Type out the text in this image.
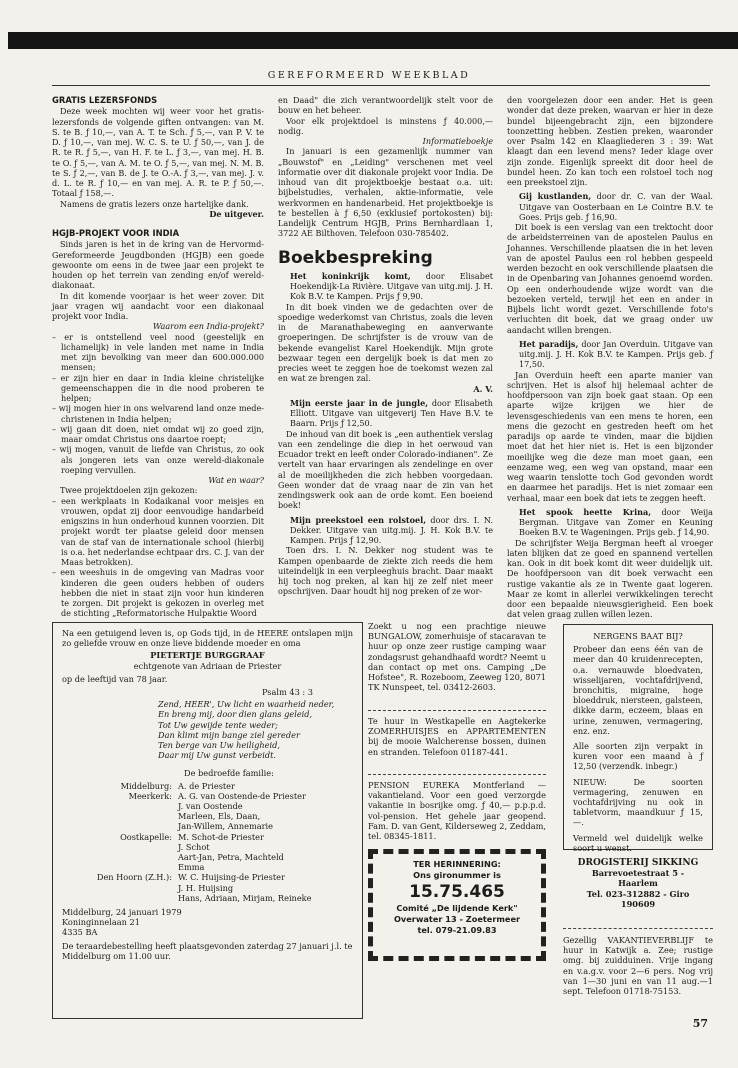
GEREFORMEERD WEEKBLAD
GRATIS LEZERSFONDS

Deze week mochten wij weer voor het gratis-lezersfonds de volgende giften ontvangen: van M. S. te B. ƒ 10,—, van A. T. te Sch. ƒ 5,—, van P. V. te D. ƒ 10,—, van mej. W. C. S. te U. ƒ 50,—, van J. de R. te R. ƒ 5,—, van H. F. te L. ƒ 3,—, van mej. H. B. te O. ƒ 5,—, van A. M. te O. ƒ 5,—, van mej. N. M. B. te S. ƒ 2,—, van B. de J. te O.-A. ƒ 3,—, van mej. J. v. d. L. te R. ƒ 10,— en van mej. A. R. te P. ƒ 50,—. Totaal ƒ 158,—.

Namens de gratis lezers onze hartelijke dank.

De uitgever.

HGJB-PROJEKT VOOR INDIA

Sinds jaren is het in de kring van de Hervormd-Gereformeerde Jeugdbonden (HGJB) een goede gewoonte om eens in de twee jaar een projekt te houden op het terrein van zending en/of wereld-diakonaat.

In dit komende voorjaar is het weer zover. Dit jaar vragen wij aandacht voor een diakonaal projekt voor India.

Waarom een India-projekt?

– er is ontstellend veel nood (geestelijk en lichamelijk) in vele landen met name in India met zijn bevolking van meer dan 600.000.000 mensen;
– er zijn hier en daar in India kleine christelijke gemeenschappen die in die nood proberen te helpen;
– wij mogen hier in ons welvarend land onze mede-christenen in India helpen;
– wij gaan dit doen, niet omdat wij zo goed zijn, maar omdat Christus ons daartoe roept;
– wij mogen, vanuit de liefde van Christus, zo ook als jongeren iets van onze wereld-diakonale roeping vervullen.

Wat en waar?

Twee projektdoelen zijn gekozen:

– een werkplaats in Kodaikanal voor meisjes en vrouwen, opdat zij door eenvoudige handarbeid enigszins in hun onderhoud kunnen voorzien. Dit projekt wordt ter plaatse geleid door mensen van de staf van de internationale school (hierbij is o.a. het nederlandse echtpaar drs. C. J. van der Maas betrokken).
– een weeshuis in de omgeving van Madras voor kinderen die geen ouders hebben of ouders hebben die niet in staat zijn voor hun kinderen te zorgen. Dit projekt is gekozen in overleg met de stichting „Reformatorische Hulpaktie Woord

en Daad" die zich verantwoordelijk stelt voor de bouw en het beheer.

Voor elk projektdoel is minstens ƒ 40.000,— nodig.

Informatieboekje

In januari is een gezamenlijk nummer van „Bouwstof" en „Leiding" verschenen met veel informatie over dit diakonale projekt voor India. De inhoud van dit projektboekje bestaat o.a. uit: bijbelstudies, verhalen, aktie-informatie, vele werkvormen en handenarbeid. Het projektboekje is te bestellen à ƒ 6,50 (exklusief portokosten) bij: Landelijk Centrum HGJB, Prins Bernhardlaan 1, 3722 AE Bilthoven. Telefoon 030-785402.

Boekbespreking

Het koninkrijk komt, door Elisabet Hoekendijk-La Rivière. Uitgave van uitg.mij. J. H. Kok B.V. te Kampen. Prijs ƒ 9,90.

In dit boek vinden we de gedachten over de spoedige wederkomst van Christus, zoals die leven in de Maranathabeweging en aanverwante groeperingen. De schrijfster is de vrouw van de bekende evangelist Karel Hoekendijk. Mijn grote bezwaar tegen een dergelijk boek is dat men zo precies weet te zeggen hoe de toekomst wezen zal en wat ze brengen zal.

A. V.

Mijn eerste jaar in de jungle, door Elisabeth Elliott. Uitgave van uitgeverij Ten Have B.V. te Baarn. Prijs ƒ 12,50.

De inhoud van dit boek is „een authentiek verslag van een zendelinge die diep in het oerwoud van Ecuador trekt en leeft onder Colorado-indianen". Ze vertelt van haar ervaringen als zendelinge en over al de moeilijkheden die zich hebben voorgedaan. Geen wonder dat de vraag naar de zin van het zendingswerk ook aan de orde komt. Een boeiend boek!

Mijn preekstoel een rolstoel, door drs. I. N. Dekker. Uitgave van uitg.mij. J. H. Kok B.V. te Kampen. Prijs ƒ 12,90.

Toen drs. I. N. Dekker nog student was te Kampen openbaarde de ziekte zich reeds die hem uiteindelijk in een verpleeghuis bracht. Daar maakt hij toch nog preken, al kan hij ze zelf niet meer opschrijven. Daar houdt hij nog preken of ze wor-

den voorgelezen door een ander. Het is geen wonder dat deze preken, waarvan er hier in deze bundel bijeengebracht zijn, een bijzondere toonzetting hebben. Zestien preken, waaronder over Psalm 142 en Klaagliederen 3 : 39: Wat klaagt dan een levend mens? Ieder klage over zijn zonde. Eigenlijk spreekt dit door heel de bundel heen. Zo kan toch een rolstoel toch nog een preekstoel zijn.

Gij kustlanden, door dr. C. van der Waal. Uitgave van Oosterbaan en Le Cointre B.V. te Goes. Prijs geb. ƒ 16,90.

Dit boek is een verslag van een trektocht door de arbeidsterreinen van de apostelen Paulus en Johannes. Verschillende plaatsen die in het leven van de apostel Paulus een rol hebben gespeeld werden bezocht en ook verschillende plaatsen die in de Openbaring van Johannes genoemd worden. Op een onderhoudende wijze wordt van die bezoeken verteld, terwijl het een en ander in Bijbels licht wordt gezet. Verschillende foto's verluchten dit boek, dat we graag onder uw aandacht willen brengen.

Het paradijs, door Jan Overduin. Uitgave van uitg.mij. J. H. Kok B.V. te Kampen. Prijs geb. ƒ 17,50.

Jan Overduin heeft een aparte manier van schrijven. Het is alsof hij helemaal achter de hoofdpersoon van zijn boek gaat staan. Op een aparte wijze krijgen we hier de levensgeschiedenis van een mens te horen, een mens die gezocht en gestreden heeft om het paradijs op aarde te vinden, maar die bijdien moet dat het hier niet is. Het is een bijzonder moeilijke weg die deze man moet gaan, een eenzame weg, een weg van opstand, maar een weg waarin tenslotte toch God gevonden wordt en daarmee het paradijs. Het is niet zomaar een verhaal, maar een boek dat iets te zeggen heeft.

Het spook heette Krina, door Weija Bergman. Uitgave van Zomer en Keuning Boeken B.V. te Wageningen. Prijs geb. ƒ 14,90.

De schrijfster Weija Bergman heeft al vroeger laten blijken dat ze goed en spannend vertellen kan. Ook in dit boek komt dit weer duidelijk uit. De hoofdpersoon van dit boek verwacht een rustige vakantie als ze in Twente gaat logeren. Maar ze komt in allerlei verwikkelingen terecht door een bepaalde nieuwsgierigheid. Een boek dat velen graag zullen willen lezen.

Na een getuigend leven is, op Gods tijd, in de HEERE ontslapen mijn zo geliefde vrouw en onze lieve biddende moeder en oma

PIETERTJE BURGGRAAF

echtgenote van Adriaan de Priester

op de leeftijd van 78 jaar.

Psalm 43 : 3

Zend, HEER', Uw licht en waarheid neder,
En breng mij, door dien glans geleid,
Tot Uw gewijde tente weder;
Dan klimt mijn bange ziel gereder
Ten berge van Uw heiligheid,
Daar mij Uw gunst verbeidt.

De bedroefde familie:

Middelburg: A. de Priester
Meerkerk: A. G. van Oostende-de Priester
J. van Oostende
Marleen, Els, Daan,
Jan-Willem, Annemarie
Oostkapelle: M. Schot-de Priester
J. Schot
Aart-Jan, Petra, Machteld
Emma
Den Hoorn (Z.H.): W. C. Huijsing-de Priester
J. H. Huijsing
Hans, Adriaan, Mirjam, Reineke
Middelburg, 24 januari 1979
Koninginnelaan 21
4335 BA

De teraardebestelling heeft plaatsgevonden zaterdag 27 januari j.l. te Middelburg om 11.00 uur.

Zoekt u nog een prachtige nieuwe BUNGALOW, zomerhuisje of stacaravan te huur op onze zeer rustige camping waar zondagsrust gehandhaafd wordt? Neemt u dan contact op met ons. Camping „De Hofstee", R. Rozeboom, Zeeweg 120, 8071 TK Nunspeet, tel. 03412-2603.
Te huur in Westkapelle en Aagtekerke ZOMERHUISJES en APPARTEMENTEN bij de mooie Walcherense bossen, duinen en stranden. Telefoon 01187-441.
PENSION EUREKA Montferland — vakantieland. Voor een goed verzorgde vakantie in bosrijke omg. ƒ 40,— p.p.p.d. vol-pension. Het gehele jaar geopend. Fam. D. van Gent, Kilderseweg 2, Zeddam, tel. 08345-1811.
TER HERINNERING:
Ons gironummer is
15.75.465
Comité „De lijdende Kerk"
Overwater 13 - Zoetermeer
tel. 079-21.09.83

NERGENS BAAT BIJ?

Probeer dan eens één van de meer dan 40 kruidenrecepten, o.a. vernauwde bloedvaten, wisselijaren, vochtafdrijvend, bronchitis, migraine, hoge bloeddruk, niersteen, galsteen, dikke darm, eczeem, blaas en urine, zenuwen, vermagering, enz. enz.

Alle soorten zijn verpakt in kuren voor een maand à ƒ 12,50 (verzendk. inbegr.)

NIEUW: De soorten vermagering, zenuwen en vochtafdrijving nu ook in tabletvorm, maandkuur ƒ 15,—.

Vermeld wel duidelijk welke soort u wenst.

DROGISTERIJ SIKKING

Barrevoetestraat 5 - Haarlem

Tel. 023-312882 - Giro 190609

Gezellig VAKANTIEVERBLIJF te huur in Katwijk a. Zee; rustige omg. bij zuidduinen. Vrije ingang en v.a.g.v. voor 2—6 pers. Nog vrij van 1—30 juni en van 11 aug.—1 sept. Telefoon 01718-75153.
57
